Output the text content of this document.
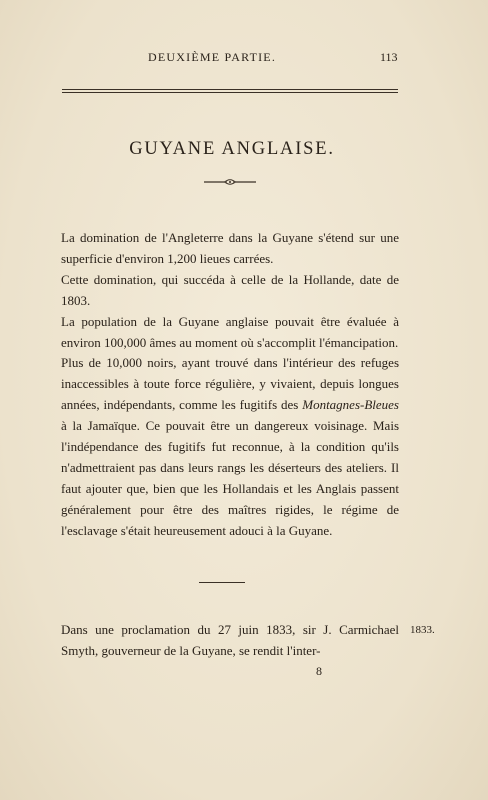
DEUXIÈME PARTIE.	113
GUYANE ANGLAISE.

La domination de l'Angleterre dans la Guyane s'étend sur une superficie d'environ 1,200 lieues carrées.

Cette domination, qui succéda à celle de la Hollande, date de 1803.

La population de la Guyane anglaise pouvait être évaluée à environ 100,000 âmes au moment où s'accomplit l'émancipation.

Plus de 10,000 noirs, ayant trouvé dans l'intérieur des refuges inaccessibles à toute force régulière, y vivaient, depuis longues années, indépendants, comme les fugitifs des Montagnes-Bleues à la Jamaïque. Ce pouvait être un dangereux voisinage. Mais l'indépendance des fugitifs fut reconnue, à la condition qu'ils n'admettraient pas dans leurs rangs les déserteurs des ateliers. Il faut ajouter que, bien que les Hollandais et les Anglais passent généralement pour être des maîtres rigides, le régime de l'esclavage s'était heureusement adouci à la Guyane.

Dans une proclamation du 27 juin 1833, sir J. Carmichael Smyth, gouverneur de la Guyane, se rendit l'inter-

1833.
8
